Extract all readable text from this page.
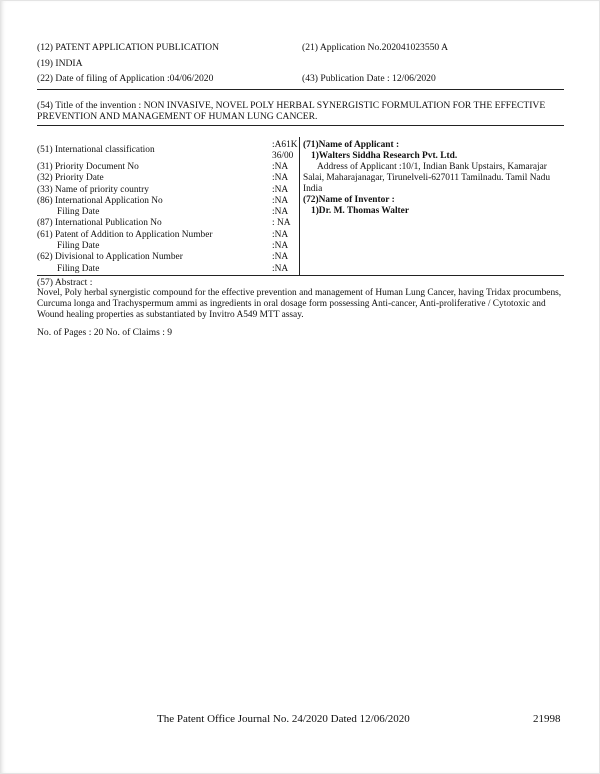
(12) PATENT APPLICATION PUBLICATION
(19) INDIA
(22) Date of filing of Application :04/06/2020
(21) Application No.202041023550 A
(43) Publication Date : 12/06/2020
(54) Title of the invention : NON INVASIVE, NOVEL POLY HERBAL SYNERGISTIC FORMULATION FOR THE EFFECTIVE PREVENTION AND MANAGEMENT OF HUMAN LUNG CANCER.
(51) International classification	:A61K
36/00
(31) Priority Document No	:NA
(32) Priority Date	:NA
(33) Name of priority country	:NA
(86) International Application No	:NA
Filing Date	:NA
(87) International Publication No	: NA
(61) Patent of Addition to Application Number	:NA
Filing Date	:NA
(62) Divisional to Application Number	:NA
Filing Date	:NA
(71)Name of Applicant :
1)Walters Siddha Research Pvt. Ltd.
Address of Applicant :10/1, Indian Bank Upstairs, Kamarajar Salai, Maharajanagar, Tirunelveli-627011 Tamilnadu. Tamil Nadu India
(72)Name of Inventor :
1)Dr. M. Thomas Walter
(57) Abstract :
Novel, Poly herbal synergistic compound for the effective prevention and management of Human Lung Cancer, having Tridax procumbens, Curcuma longa and Trachyspermum ammi as ingredients in oral dosage form possessing Anti-cancer, Anti-proliferative / Cytotoxic and Wound healing properties as substantiated by Invitro A549 MTT assay.
No. of Pages : 20 No. of Claims : 9
The Patent Office Journal No. 24/2020 Dated 12/06/2020	21998
